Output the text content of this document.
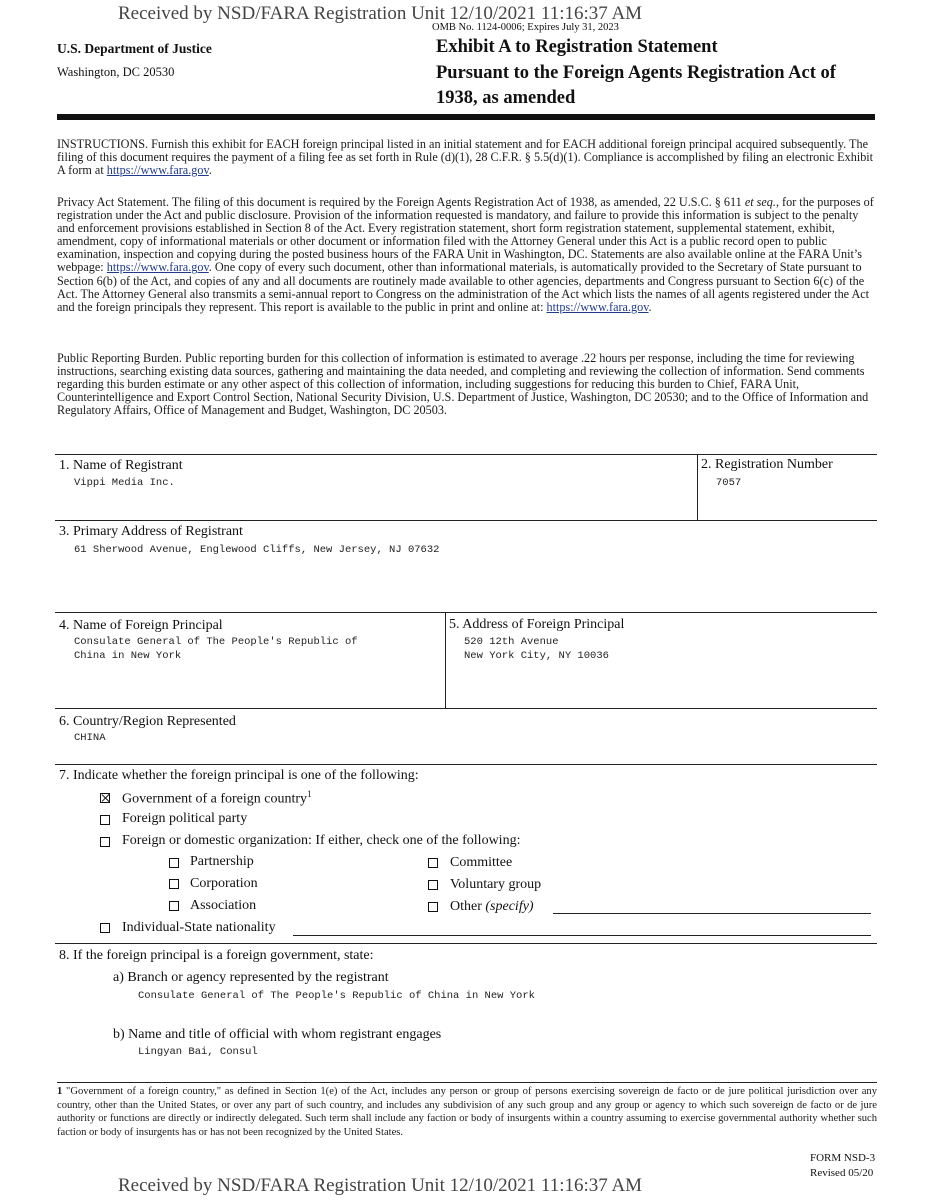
Received by NSD/FARA Registration Unit 12/10/2021 11:16:37 AM
OMB No. 1124-0006; Expires July 31, 2023
U.S. Department of Justice
Washington, DC 20530
Exhibit A to Registration Statement
Pursuant to the Foreign Agents Registration Act of
1938, as amended
INSTRUCTIONS. Furnish this exhibit for EACH foreign principal listed in an initial statement and for EACH additional foreign principal acquired subsequently. The filing of this document requires the payment of a filing fee as set forth in Rule (d)(1), 28 C.F.R. § 5.5(d)(1). Compliance is accomplished by filing an electronic Exhibit A form at https://www.fara.gov.
Privacy Act Statement. The filing of this document is required by the Foreign Agents Registration Act of 1938, as amended, 22 U.S.C. § 611 et seq., for the purposes of registration under the Act and public disclosure. Provision of the information requested is mandatory, and failure to provide this information is subject to the penalty and enforcement provisions established in Section 8 of the Act. Every registration statement, short form registration statement, supplemental statement, exhibit, amendment, copy of informational materials or other document or information filed with the Attorney General under this Act is a public record open to public examination, inspection and copying during the posted business hours of the FARA Unit in Washington, DC. Statements are also available online at the FARA Unit’s webpage: https://www.fara.gov. One copy of every such document, other than informational materials, is automatically provided to the Secretary of State pursuant to Section 6(b) of the Act, and copies of any and all documents are routinely made available to other agencies, departments and Congress pursuant to Section 6(c) of the Act. The Attorney General also transmits a semi-annual report to Congress on the administration of the Act which lists the names of all agents registered under the Act and the foreign principals they represent. This report is available to the public in print and online at: https://www.fara.gov.
Public Reporting Burden. Public reporting burden for this collection of information is estimated to average .22 hours per response, including the time for reviewing instructions, searching existing data sources, gathering and maintaining the data needed, and completing and reviewing the collection of information. Send comments regarding this burden estimate or any other aspect of this collection of information, including suggestions for reducing this burden to Chief, FARA Unit, Counterintelligence and Export Control Section, National Security Division, U.S. Department of Justice, Washington, DC 20530; and to the Office of Information and Regulatory Affairs, Office of Management and Budget, Washington, DC 20503.
1. Name of Registrant
Vippi Media Inc.
2. Registration Number
7057
3. Primary Address of Registrant
61 Sherwood Avenue, Englewood Cliffs, New Jersey, NJ 07632
4. Name of Foreign Principal
Consulate General of The People's Republic of
China in New York
5. Address of Foreign Principal
520 12th Avenue
New York City, NY 10036
6. Country/Region Represented
CHINA
7. Indicate whether the foreign principal is one of the following:
Government of a foreign country$^1$
Foreign political party
Foreign or domestic organization: If either, check one of the following:
Partnership
Corporation
Association
Committee
Voluntary group
Other (specify)
Individual-State nationality
8. If the foreign principal is a foreign government, state:
a) Branch or agency represented by the registrant
Consulate General of The People's Republic of China in New York
b) Name and title of official with whom registrant engages
Lingyan Bai, Consul
1 "Government of a foreign country," as defined in Section 1(e) of the Act, includes any person or group of persons exercising sovereign de facto or de jure political jurisdiction over any country, other than the United States, or over any part of such country, and includes any subdivision of any such group and any group or agency to which such sovereign de facto or de jure authority or functions are directly or indirectly delegated. Such term shall include any faction or body of insurgents within a country assuming to exercise governmental authority whether such faction or body of insurgents has or has not been recognized by the United States.
FORM NSD-3
Revised 05/20
Received by NSD/FARA Registration Unit 12/10/2021 11:16:37 AM
